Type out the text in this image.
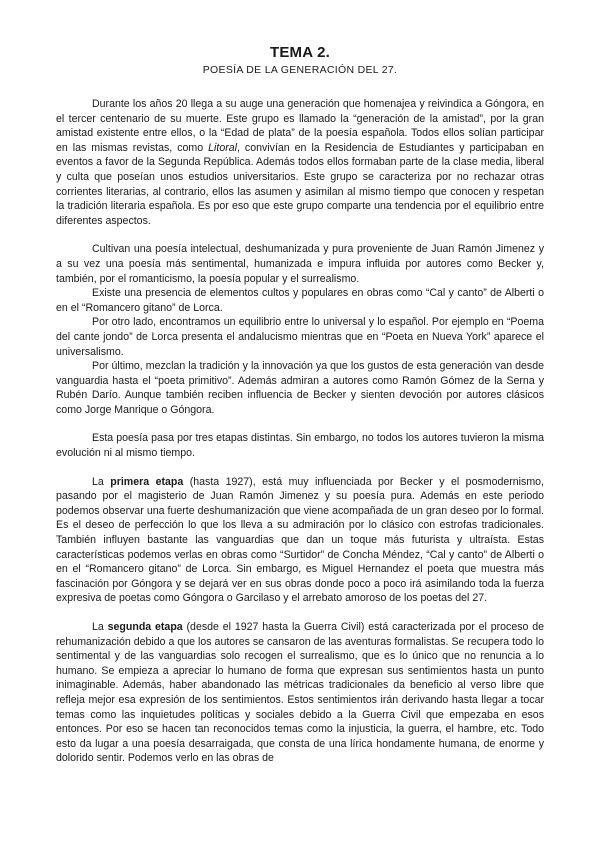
TEMA 2.
POESÍA DE LA GENERACIÓN DEL 27.

Durante los años 20 llega a su auge una generación que homenajea y reivindica a Góngora, en el tercer centenario de su muerte. Este grupo es llamado la “generación de la amistad”, por la gran amistad existente entre ellos, o la “Edad de plata” de la poesía española. Todos ellos solían participar en las mismas revistas, como Litoral, convivían en la Residencia de Estudiantes y participaban en eventos a favor de la Segunda República. Además todos ellos formaban parte de la clase media, liberal y culta que poseían unos estudios universitarios. Este grupo se caracteriza por no rechazar otras corrientes literarias, al contrario, ellos las asumen y asimilan al mismo tiempo que conocen y respetan la tradición literaria española. Es por eso que este grupo comparte una tendencia por el equilibrio entre diferentes aspectos.

Cultivan una poesía intelectual, deshumanizada y pura proveniente de Juan Ramón Jimenez y a su vez una poesía más sentimental, humanizada e impura influida por autores como Becker y, también, por el romanticismo, la poesía popular y el surrealismo.

Existe una presencia de elementos cultos y populares en obras como “Cal y canto” de Alberti o en el “Romancero gitano” de Lorca.

Por otro lado, encontramos un equilibrio entre lo universal y lo español. Por ejemplo en “Poema del cante jondo” de Lorca presenta el andalucismo mientras que en “Poeta en Nueva York” aparece el universalismo.

Por último, mezclan la tradición y la innovación ya que los gustos de esta generación van desde vanguardia hasta el “poeta primitivo”. Además admiran a autores como Ramón Gómez de la Serna y Rubén Darío. Aunque también reciben influencia de Becker y sienten devoción por autores clásicos como Jorge Manrique o Góngora.

Esta poesía pasa por tres etapas distintas. Sin embargo, no todos los autores tuvieron la misma evolución ni al mismo tiempo.

La primera etapa (hasta 1927), está muy influenciada por Becker y el posmodernismo, pasando por el magisterio de Juan Ramón Jimenez y su poesía pura. Además en este periodo podemos observar una fuerte deshumanización que viene acompañada de un gran deseo por lo formal. Es el deseo de perfección lo que los lleva a su admiración por lo clásico con estrofas tradicionales. También influyen bastante las vanguardias que dan un toque más futurista y ultraísta. Estas características podemos verlas en obras como “Surtidor” de Concha Méndez, “Cal y canto” de Alberti o en el “Romancero gitano” de Lorca. Sin embargo, es Miguel Hernandez el poeta que muestra más fascinación por Góngora y se dejará ver en sus obras donde poco a poco irá asimilando toda la fuerza expresiva de poetas como Góngora o Garcilaso y el arrebato amoroso de los poetas del 27.

La segunda etapa (desde el 1927 hasta la Guerra Civil) está caracterizada por el proceso de rehumanización debido a que los autores se cansaron de las aventuras formalistas. Se recupera todo lo sentimental y de las vanguardias solo recogen el surrealismo, que es lo único que no renuncia a lo humano. Se empieza a apreciar lo humano de forma que expresan sus sentimientos hasta un punto inimaginable. Además, haber abandonado las métricas tradicionales da beneficio al verso libre que refleja mejor esa expresión de los sentimientos. Estos sentimientos irán derivando hasta llegar a tocar temas como las inquietudes políticas y sociales debido a la Guerra Civil que empezaba en esos entonces. Por eso se hacen tan reconocidos temas como la injusticia, la guerra, el hambre, etc. Todo esto da lugar a una poesía desarraigada, que consta de una lírica hondamente humana, de enorme y dolorido sentir. Podemos verlo en las obras de
